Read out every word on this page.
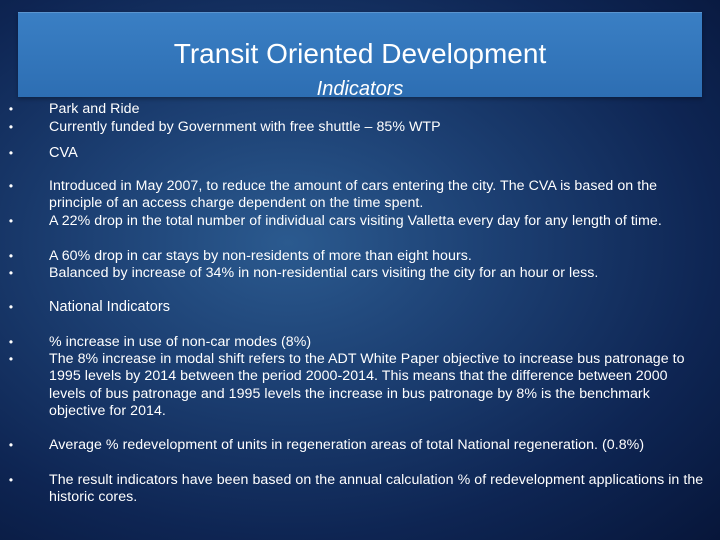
Transit Oriented Development
Indicators
•	Park and Ride
•	Currently funded by Government with free shuttle – 85% WTP
•	CVA
•	Introduced in May 2007, to reduce the amount of cars entering the city. The CVA is based on the principle of an access charge dependent on the time spent.
•	A 22% drop in the total number of individual cars visiting Valletta every day for any length of time.
•	A 60% drop in car stays by non-residents of more than eight hours.
•	Balanced by increase of 34% in non-residential cars visiting the city for an hour or less.
•	National Indicators
•	% increase in use of non-car modes (8%)
•	The 8% increase in modal shift refers to the ADT White Paper objective to increase bus patronage to 1995 levels by 2014 between the period 2000-2014. This means that the difference between 2000 levels of bus patronage and 1995 levels the increase in bus patronage by 8% is the benchmark objective for 2014.
•	Average % redevelopment of units in regeneration areas of total National regeneration. (0.8%)
•	The result indicators have been based on the annual calculation % of redevelopment applications in the historic cores.
